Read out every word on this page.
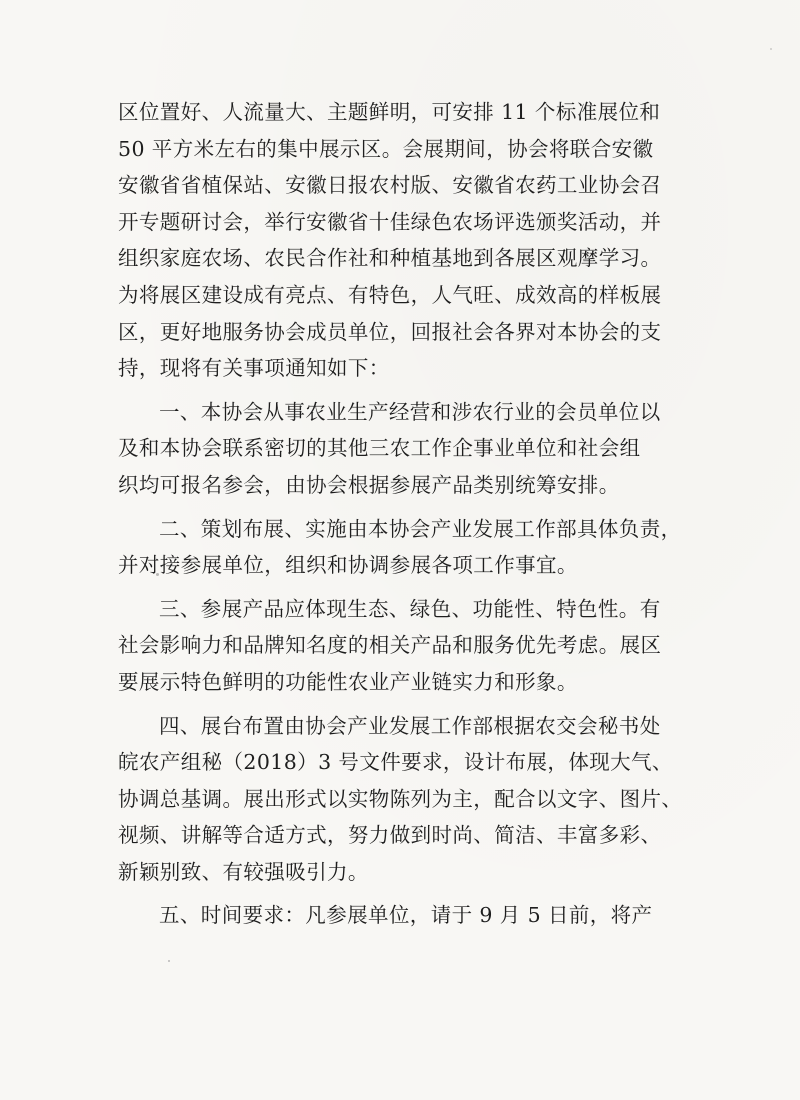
区位置好、人流量大、主题鲜明，可安排 11 个标准展位和
50 平方米左右的集中展示区。会展期间，协会将联合安徽
安徽省省植保站、安徽日报农村版、安徽省农药工业协会召
开专题研讨会，举行安徽省十佳绿色农场评选颁奖活动，并
组织家庭农场、农民合作社和种植基地到各展区观摩学习。
为将展区建设成有亮点、有特色，人气旺、成效高的样板展
区，更好地服务协会成员单位，回报社会各界对本协会的支
持，现将有关事项通知如下：

一、本协会从事农业生产经营和涉农行业的会员单位以
及和本协会联系密切的其他三农工作企事业单位和社会组
织均可报名参会，由协会根据参展产品类别统筹安排。

二、策划布展、实施由本协会产业发展工作部具体负责，
并对接参展单位，组织和协调参展各项工作事宜。

三、参展产品应体现生态、绿色、功能性、特色性。有
社会影响力和品牌知名度的相关产品和服务优先考虑。展区
要展示特色鲜明的功能性农业产业链实力和形象。

四、展台布置由协会产业发展工作部根据农交会秘书处
皖农产组秘（2018）3 号文件要求，设计布展，体现大气、
协调总基调。展出形式以实物陈列为主，配合以文字、图片、
视频、讲解等合适方式，努力做到时尚、简洁、丰富多彩、
新颖别致、有较强吸引力。

五、时间要求：凡参展单位，请于 9 月 5 日前，将产
